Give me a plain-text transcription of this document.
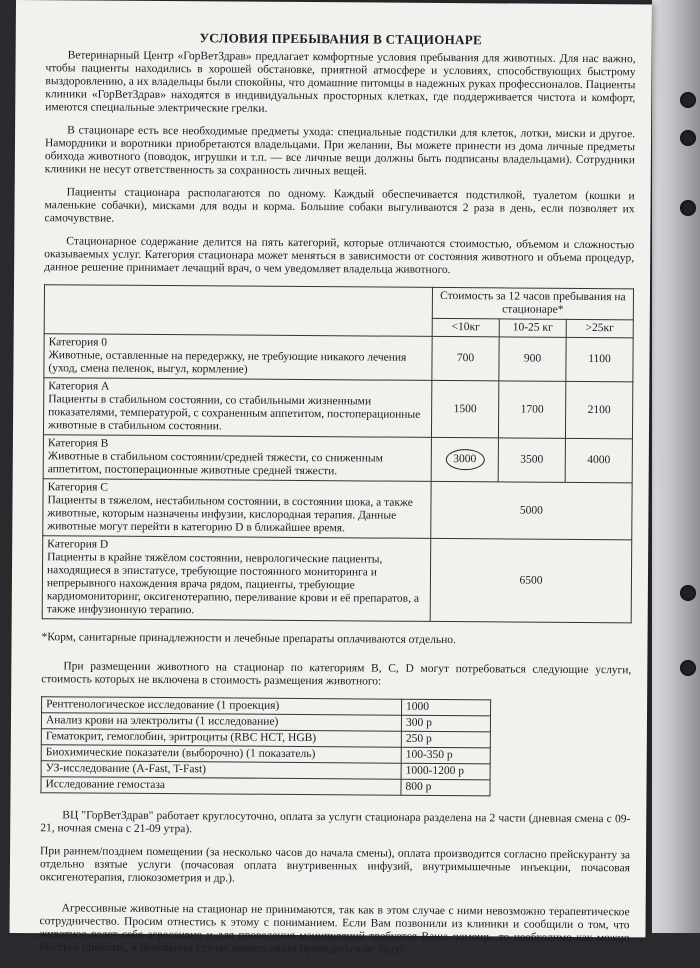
УСЛОВИЯ ПРЕБЫВАНИЯ В СТАЦИОНАРЕ

Ветеринарный Центр «ГорВетЗдрав» предлагает комфортные условия пребывания для животных. Для нас важно, чтобы пациенты находились в хорошей обстановке, приятной атмосфере и условиях, способствующих быстрому выздоровлению, а их владельцы были спокойны, что домашние питомцы в надежных руках профессионалов. Пациенты клиники «ГорВетЗдрав» находятся в индивидуальных просторных клетках, где поддерживается чистота и комфорт, имеются специальные электрические грелки.

В стационаре есть все необходимые предметы ухода: специальные подстилки для клеток, лотки, миски и другое. Намордники и воротники приобретаются владельцами. При желании, Вы можете принести из дома личные предметы обихода животного (поводок, игрушки и т.п. — все личные вещи должны быть подписаны владельцами). Сотрудники клиники не несут ответственность за сохранность личных вещей.

Пациенты стационара располагаются по одному. Каждый обеспечивается подстилкой, туалетом (кошки и маленькие собачки), мисками для воды и корма. Большие собаки выгуливаются 2 раза в день, если позволяет их самочувствие.

Стационарное содержание делится на пять категорий, которые отличаются стоимостью, объемом и сложностью оказываемых услуг. Категория стационара может меняться в зависимости от состояния животного и объема процедур, данное решение принимает лечащий врач, о чем уведомляет владельца животного.

	Стоимость за 12 часов пребывания на стационаре*		
	<10кг	10-25 кг	>25кг

Категория 0
Животные, оставленные на передержку, не требующие никакого лечения (уход, смена пеленок, выгул, кормление)	700	900	1100

Категория A
Пациенты в стабильном состоянии, со стабильными жизненными показателями, температурой, с сохраненным аппетитом, постоперационные животные в стабильном состоянии.	1500	1700	2100

Категория B
Животные в стабильном состоянии/средней тяжести, со сниженным аппетитом, постоперационные животные средней тяжести.	3000	3500	4000

Категория C
Пациенты в тяжелом, нестабильном состоянии, в состоянии шока, а также животные, которым назначены инфузии, кислородная терапия. Данные животные могут перейти в категорию D в ближайшее время.	5000		

Категория D
Пациенты в крайне тяжёлом состоянии, неврологические пациенты, находящиеся в эпистатусе, требующие постоянного мониторинга и непрерывного нахождения врача рядом, пациенты, требующие кардиомониторинг, оксигенотерапию, переливание крови и её препаратов, а также инфузионную терапию.	6500		

*Корм, санитарные принадлежности и лечебные препараты оплачиваются отдельно.

При размещении животного на стационар по категориям B, C, D могут потребоваться следующие услуги, стоимость которых не включена в стоимость размещения животного:

Рентгенологическое исследование (1 проекция)	1000
Анализ крови на электролиты (1 исследование)	300 р
Гематокрит, гемоглобин, эритроциты (RBC HCT, HGB)	250 р
Биохимические показатели (выборочно) (1 показатель)	100-350 р
УЗ-исследование (A-Fast, T-Fast)	1000-1200 р
Исследование гемостаза	800 р

ВЦ "ГорВетЗдрав" работает круглосуточно, оплата за услуги стационара разделена на 2 части (дневная смена с 09-21, ночная смена с 21-09 утра).

При раннем/позднем помещении (за несколько часов до начала смены), оплата производится согласно прейскуранту за отдельно взятые услуги (почасовая оплата внутривенных инфузий, внутримышечные инъекции, почасовая оксигенотерапия, глюкозометрия и др.).

Агрессивные животные на стационар не принимаются, так как в этом случае с ними невозможно терапевтическое сотрудничество. Просим отнестись к этому с пониманием. Если Вам позвонили из клиники и сообщили о том, что животное ведет себя агрессивно и для проведения манипуляций требуется Ваша помощь, то необходимо как можно быстрее приехать, в противном случае манипуляции проводиться не будут.
